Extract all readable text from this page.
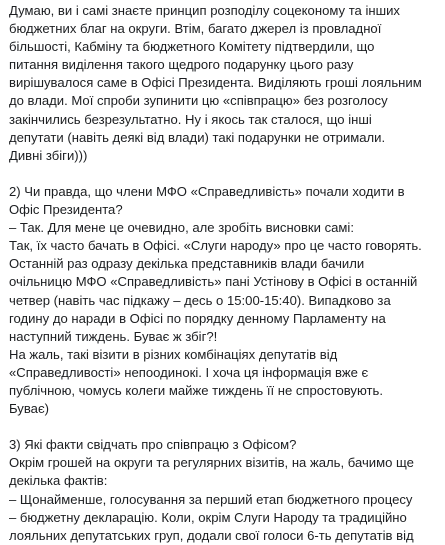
Думаю, ви і самі знаєте принцип розподілу соцеконому та інших
бюджетних благ на округи. Втім, багато джерел із провладної
більшості, Кабміну та бюджетного Комітету підтвердили, що
питання виділення такого щедрого подарунку цього разу
вирішувалося саме в Офісі Президента. Виділяють гроші лояльним
до влади. Мої спроби зупинити цю «співпрацю» без розголосу
закінчились безрезультатно. Ну і якось так сталося, що інші
депутати (навіть деякі від влади) такі подарунки не отримали.
Дивні збіги)))

2) Чи правда, що члени МФО «Справедливість» почали ходити в
Офіс Президента?
– Так. Для мене це очевидно, але зробіть висновки самі:
Так, їх часто бачать в Офісі. «Слуги народу» про це часто говорять.
Останній раз одразу декілька представників влади бачили
очільницю МФО «Справедливість» пані Устінову в Офісі в останній
четвер (навіть час підкажу – десь о 15:00-15:40). Випадково за
годину до наради в Офісі по порядку денному Парламенту на
наступний тиждень. Буває ж збіг?!
На жаль, такі візити в різних комбінаціях депутатів від
«Справедливості» непоодинокі. І хоча ця інформація вже є
публічною, чомусь колеги майже тиждень її не спростовують.
Буває)

3) Які факти свідчать про співпрацю з Офісом?
Окрім грошей на округи та регулярних візитів, на жаль, бачимо ще
декілька фактів:
– Щонайменше, голосування за перший етап бюджетного процесу
– бюджетну декларацію. Коли, окрім Слуги Народу та традиційно
лояльних депутатських груп, додали свої голоси 6-ть депутатів від
